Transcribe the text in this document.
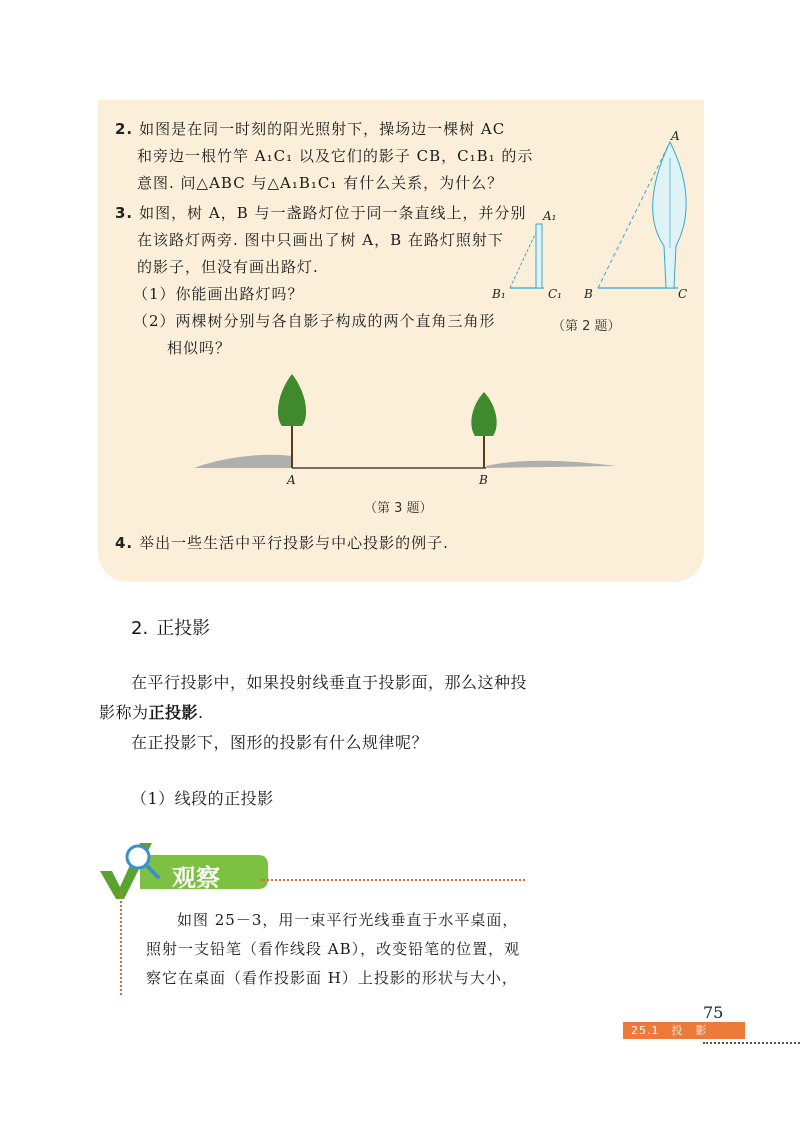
2. 如图是在同一时刻的阳光照射下，操场边一棵树 AC
和旁边一根竹竿 A₁C₁ 以及它们的影子 CB，C₁B₁ 的示
意图. 问△ABC 与△A₁B₁C₁ 有什么关系，为什么？
3. 如图，树 A，B 与一盏路灯位于同一条直线上，并分别
在该路灯两旁. 图中只画出了树 A，B 在路灯照射下
的影子，但没有画出路灯.
（1）你能画出路灯吗？
（2）两棵树分别与各自影子构成的两个直角三角形
相似吗？
A
B	C
A₁
B₁	C₁
（第 2 题）
A	B
（第 3 题）
4. 举出一些生活中平行投影与中心投影的例子.
2. 正投影
在平行投影中，如果投射线垂直于投影面，那么这种投
影称为正投影.
在正投影下，图形的投影有什么规律呢？
（1）线段的正投影
观察
如图 25－3，用一束平行光线垂直于水平桌面，
照射一支铅笔（看作线段 AB），改变铅笔的位置，观
察它在桌面（看作投影面 H）上投影的形状与大小，
75
25.1　投　影
